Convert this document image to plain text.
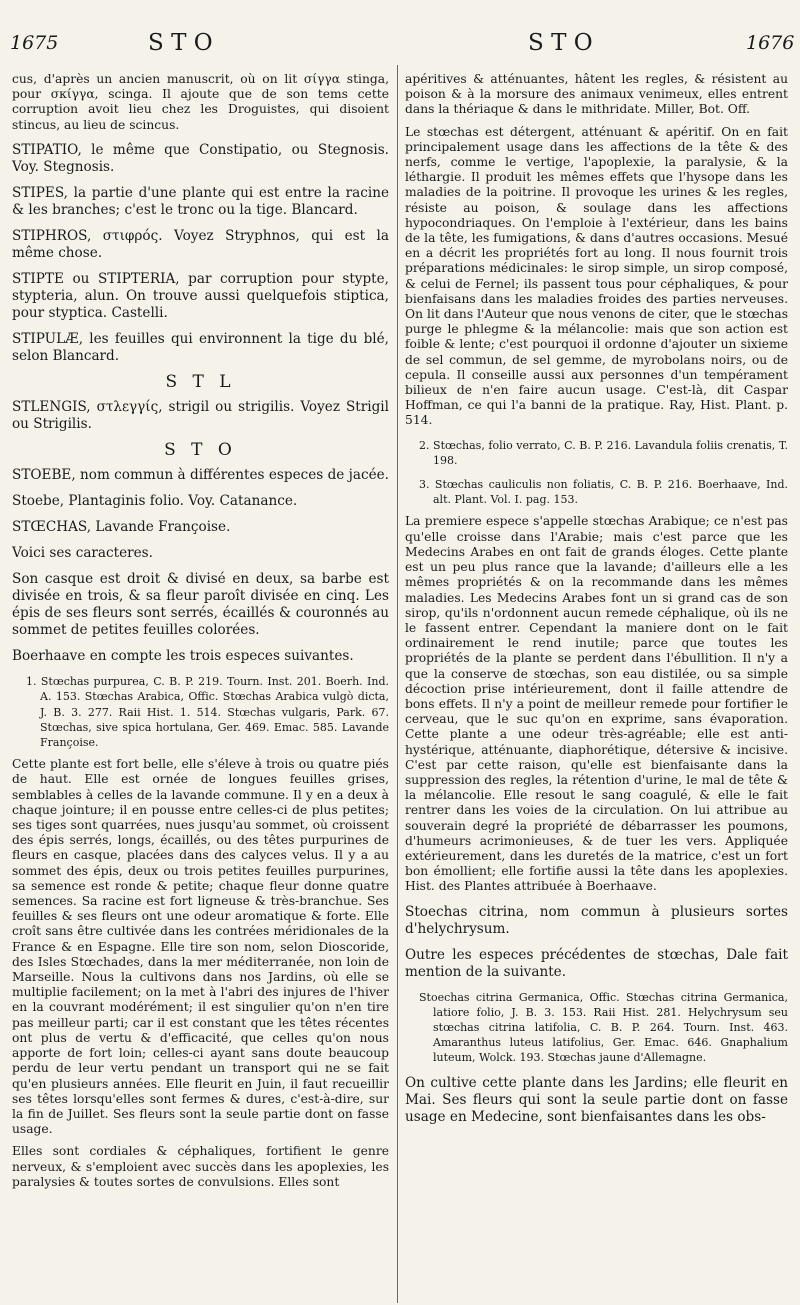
1675	S T O	S T O	1676

cus, d'après un ancien manuscrit, où on lit σίγγα stinga, pour σκίγγα, scinga. Il ajoute que de son tems cette corruption avoit lieu chez les Droguistes, qui disoient stincus, au lieu de scincus.

STIPATIO, le même que Constipatio, ou Stegnosis. Voy. Stegnosis.

STIPES, la partie d'une plante qui est entre la racine & les branches; c'est le tronc ou la tige. Blancard.

STIPHROS, στιφρός. Voyez Stryphnos, qui est la même chose.

STIPTE ou STIPTERIA, par corruption pour stypte, stypteria, alun. On trouve aussi quelquefois stiptica, pour styptica. Castelli.

STIPULÆ, les feuilles qui environnent la tige du blé, selon Blancard.

S T L

STLENGIS, στλεγγίς, strigil ou strigilis. Voyez Strigil ou Strigilis.

S T O

STOEBE, nom commun à différentes especes de jacée.

Stoebe, Plantaginis folio. Voy. Catanance.

STŒCHAS, Lavande Françoise.

Voici ses caracteres.

Son casque est droit & divisé en deux, sa barbe est divisée en trois, & sa fleur paroît divisée en cinq. Les épis de ses fleurs sont serrés, écaillés & couronnés au sommet de petites feuilles colorées.

Boerhaave en compte les trois especes suivantes.

1. Stœchas purpurea, C. B. P. 219. Tourn. Inst. 201. Boerh. Ind. A. 153. Stœchas Arabica, Offic. Stœchas Arabica vulgò dicta, J. B. 3. 277. Raii Hist. 1. 514. Stœchas vulgaris, Park. 67. Stœchas, sive spica hortulana, Ger. 469. Emac. 585. Lavande Françoise.

Cette plante est fort belle, elle s'éleve à trois ou quatre piés de haut. Elle est ornée de longues feuilles grises, semblables à celles de la lavande commune. Il y en a deux à chaque jointure; il en pousse entre celles-ci de plus petites; ses tiges sont quarrées, nues jusqu'au sommet, où croissent des épis serrés, longs, écaillés, ou des têtes purpurines de fleurs en casque, placées dans des calyces velus. Il y a au sommet des épis, deux ou trois petites feuilles purpurines, sa semence est ronde & petite; chaque fleur donne quatre semences. Sa racine est fort ligneuse & très-branchue. Ses feuilles & ses fleurs ont une odeur aromatique & forte. Elle croît sans être cultivée dans les contrées méridionales de la France & en Espagne. Elle tire son nom, selon Dioscoride, des Isles Stœchades, dans la mer méditerranée, non loin de Marseille. Nous la cultivons dans nos Jardins, où elle se multiplie facilement; on la met à l'abri des injures de l'hiver en la couvrant modérément; il est singulier qu'on n'en tire pas meilleur parti; car il est constant que les têtes récentes ont plus de vertu & d'efficacité, que celles qu'on nous apporte de fort loin; celles-ci ayant sans doute beaucoup perdu de leur vertu pendant un transport qui ne se fait qu'en plusieurs années. Elle fleurit en Juin, il faut recueillir ses têtes lorsqu'elles sont fermes & dures, c'est-à-dire, sur la fin de Juillet. Ses fleurs sont la seule partie dont on fasse usage.

Elles sont cordiales & céphaliques, fortifient le genre nerveux, & s'emploient avec succès dans les apoplexies, les paralysies & toutes sortes de convulsions. Elles sont

apéritives & atténuantes, hâtent les regles, & résistent au poison & à la morsure des animaux venimeux, elles entrent dans la thériaque & dans le mithridate. Miller, Bot. Off.

Le stœchas est détergent, atténuant & apéritif. On en fait principalement usage dans les affections de la tête & des nerfs, comme le vertige, l'apoplexie, la paralysie, & la léthargie. Il produit les mêmes effets que l'hysope dans les maladies de la poitrine. Il provoque les urines & les regles, résiste au poison, & soulage dans les affections hypocondriaques. On l'emploie à l'extérieur, dans les bains de la tête, les fumigations, & dans d'autres occasions. Mesué en a décrit les propriétés fort au long. Il nous fournit trois préparations médicinales: le sirop simple, un sirop composé, & celui de Fernel; ils passent tous pour céphaliques, & pour bienfaisans dans les maladies froides des parties nerveuses. On lit dans l'Auteur que nous venons de citer, que le stœchas purge le phlegme & la mélancolie: mais que son action est foible & lente; c'est pourquoi il ordonne d'ajouter un sixieme de sel commun, de sel gemme, de myrobolans noirs, ou de cepula. Il conseille aussi aux personnes d'un tempérament bilieux de n'en faire aucun usage. C'est-là, dit Caspar Hoffman, ce qui l'a banni de la pratique. Ray, Hist. Plant. p. 514.

2. Stœchas, folio verrato, C. B. P. 216. Lavandula foliis crenatis, T. 198.

3. Stœchas cauliculis non foliatis, C. B. P. 216. Boerhaave, Ind. alt. Plant. Vol. I. pag. 153.

La premiere espece s'appelle stœchas Arabique; ce n'est pas qu'elle croisse dans l'Arabie; mais c'est parce que les Medecins Arabes en ont fait de grands éloges. Cette plante est un peu plus rance que la lavande; d'ailleurs elle a les mêmes propriétés & on la recommande dans les mêmes maladies. Les Medecins Arabes font un si grand cas de son sirop, qu'ils n'ordonnent aucun remede céphalique, où ils ne le fassent entrer. Cependant la maniere dont on le fait ordinairement le rend inutile; parce que toutes les propriétés de la plante se perdent dans l'ébullition. Il n'y a que la conserve de stœchas, son eau distilée, ou sa simple décoction prise intérieurement, dont il faille attendre de bons effets. Il n'y a point de meilleur remede pour fortifier le cerveau, que le suc qu'on en exprime, sans évaporation. Cette plante a une odeur très-agréable; elle est anti-hystérique, atténuante, diaphorétique, détersive & incisive. C'est par cette raison, qu'elle est bienfaisante dans la suppression des regles, la rétention d'urine, le mal de tête & la mélancolie. Elle resout le sang coagulé, & elle le fait rentrer dans les voies de la circulation. On lui attribue au souverain degré la propriété de débarrasser les poumons, d'humeurs acrimonieuses, & de tuer les vers. Appliquée extérieurement, dans les duretés de la matrice, c'est un fort bon émollient; elle fortifie aussi la tête dans les apoplexies. Hist. des Plantes attribuée à Boerhaave.

Stoechas citrina, nom commun à plusieurs sortes d'helychrysum.

Outre les especes précédentes de stœchas, Dale fait mention de la suivante.

Stoechas citrina Germanica, Offic. Stœchas citrina Germanica, latiore folio, J. B. 3. 153. Raii Hist. 281. Helychrysum seu stœchas citrina latifolia, C. B. P. 264. Tourn. Inst. 463. Amaranthus luteus latifolius, Ger. Emac. 646. Gnaphalium luteum, Wolck. 193. Stœchas jaune d'Allemagne.

On cultive cette plante dans les Jardins; elle fleurit en Mai. Ses fleurs qui sont la seule partie dont on fasse usage en Medecine, sont bienfaisantes dans les obs-
